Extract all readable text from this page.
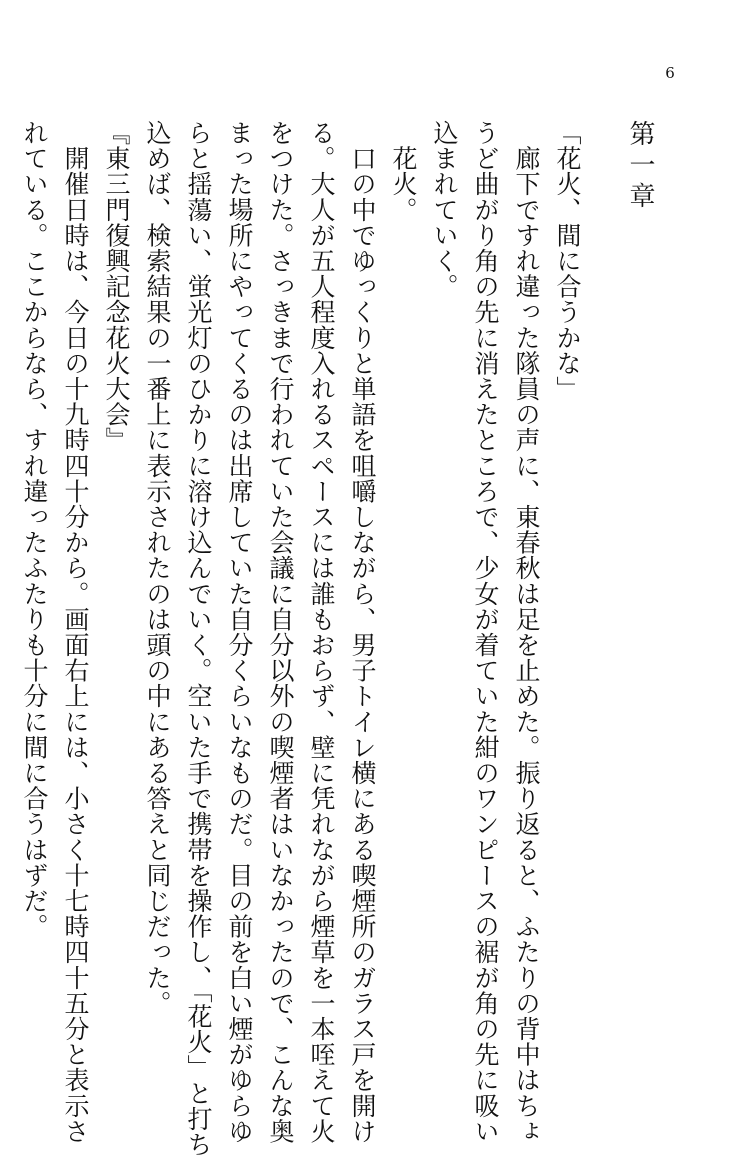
6
第一章
「花火、間に合うかな」
　廊下ですれ違った隊員の声に、東春秋は足を止めた。振り返ると、ふたりの背中はちょ
うど曲がり角の先に消えたところで、少女が着ていた紺のワンピースの裾が角の先に吸い
込まれていく。
　花火。
　口の中でゆっくりと単語を咀嚼しながら、男子トイレ横にある喫煙所のガラス戸を開け
る。大人が五人程度入れるスペースには誰もおらず、壁に凭れながら煙草を一本咥えて火
をつけた。さっきまで行われていた会議に自分以外の喫煙者はいなかったので、こんな奥
まった場所にやってくるのは出席していた自分くらいなものだ。目の前を白い煙がゆらゆ
らと揺蕩い、蛍光灯のひかりに溶け込んでいく。空いた手で携帯を操作し、「花火」と打ち
込めば、検索結果の一番上に表示されたのは頭の中にある答えと同じだった。
『東三門復興記念花火大会』
　開催日時は、今日の十九時四十分から。画面右上には、小さく十七時四十五分と表示さ
れている。ここからなら、すれ違ったふたりも十分に間に合うはずだ。
